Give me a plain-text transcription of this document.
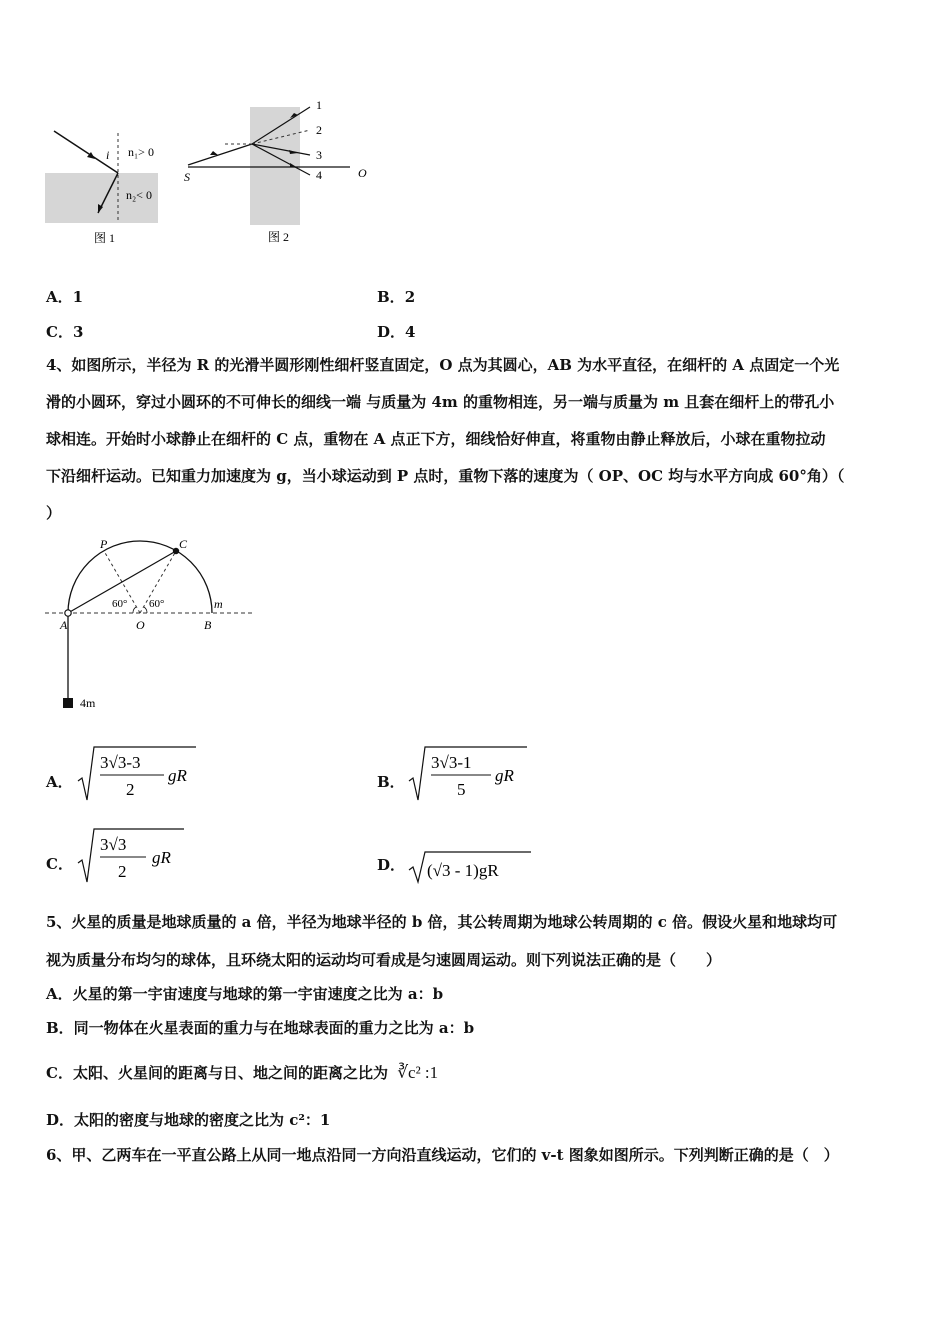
i n₁> 0
n₂< 0
图 1
1
2
3
4
S	O
图 2
A．1	B．2
C．3	D．4
4、如图所示，半径为 R 的光滑半圆形刚性细杆竖直固定，O 点为其圆心，AB 为水平直径，在细杆的 A 点固定一个光
滑的小圆环，穿过小圆环的不可伸长的细线一端 与质量为 4m 的重物相连，另一端与质量为 m 且套在细杆上的带孔小
球相连。开始时小球静止在细杆的 C 点，重物在 A 点正下方，细线恰好伸直，将重物由静止释放后，小球在重物拉动
下沿细杆运动。已知重力加速度为 g，当小球运动到 P 点时，重物下落的速度为（ OP、OC 均与水平方向成 60°角）（
）
P	C
A	O	B
m
4m
60° 60°
A．
3√3-3
2
gR	B．
3√3-1
5
gR
C．
3√3
2
gR	D． (√3 - 1)gR
5、火星的质量是地球质量的 a 倍，半径为地球半径的 b 倍，其公转周期为地球公转周期的 c 倍。假设火星和地球均可
视为质量分布均匀的球体，且环绕太阳的运动均可看成是匀速圆周运动。则下列说法正确的是（　　）
A．火星的第一宇宙速度与地球的第一宇宙速度之比为 a：b
B．同一物体在火星表面的重力与在地球表面的重力之比为 a：b
C．太阳、火星间的距离与日、地之间的距离之比为 ∛c² :1
D．太阳的密度与地球的密度之比为 c²：1
6、甲、乙两车在一平直公路上从同一地点沿同一方向沿直线运动，它们的 v-t 图象如图所示。下列判断正确的是（　）
